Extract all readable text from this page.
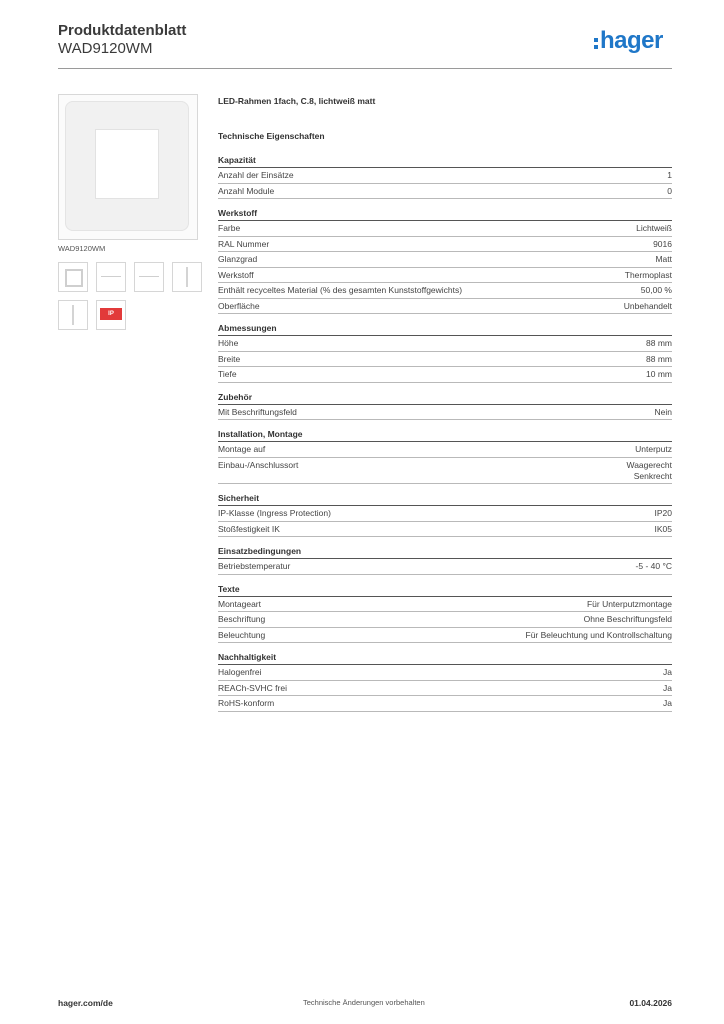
Produktdatenblatt
WAD9120WM	hager
WAD9120WM
IP
LED-Rahmen 1fach, C.8, lichtweiß matt
Technische Eigenschaften
Kapazität
Anzahl der Einsätze	1
Anzahl Module	0
Werkstoff
Farbe	Lichtweiß
RAL Nummer	9016
Glanzgrad	Matt
Werkstoff	Thermoplast
Enthält recyceltes Material (% des gesamten Kunststoffgewichts)	50,00 %
Oberfläche	Unbehandelt
Abmessungen
Höhe	88 mm
Breite	88 mm
Tiefe	10 mm
Zubehör
Mit Beschriftungsfeld	Nein
Installation, Montage
Montage auf	Unterputz
Einbau-/Anschlussort	Waagerecht
Senkrecht
Sicherheit
IP-Klasse (Ingress Protection)	IP20
Stoßfestigkeit IK	IK05
Einsatzbedingungen
Betriebstemperatur	-5 - 40 °C
Texte
Montageart	Für Unterputzmontage
Beschriftung	Ohne Beschriftungsfeld
Beleuchtung	Für Beleuchtung und Kontrollschaltung
Nachhaltigkeit
Halogenfrei	Ja
REACh-SVHC frei	Ja
RoHS-konform	Ja
hager.com/de	Technische Änderungen vorbehalten	01.04.2026
